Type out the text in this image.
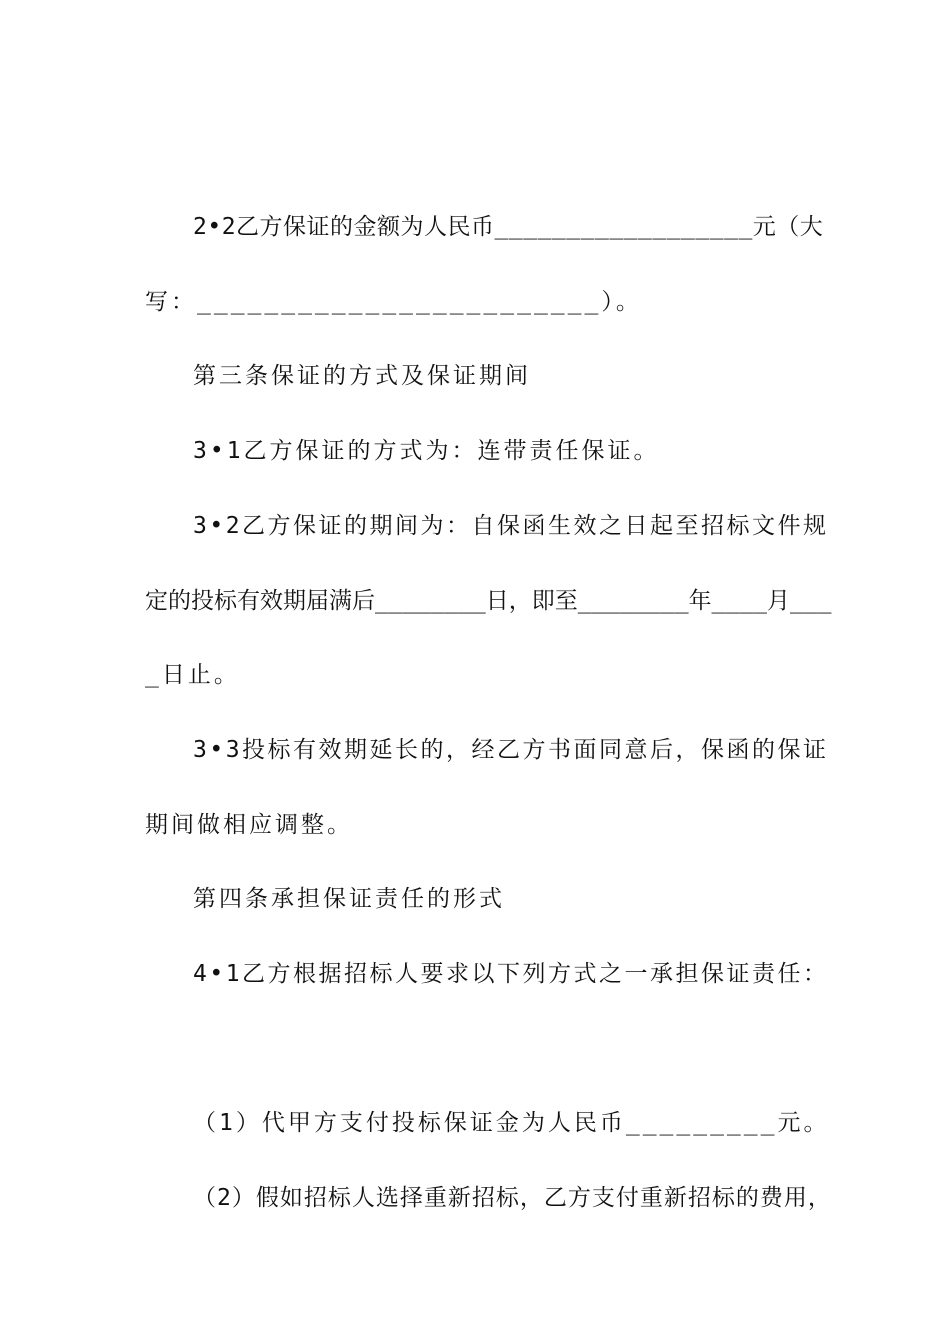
2•2乙方保证的金额为人民币__________________元（大
写：________________________）。
第三条保证的方式及保证期间
3•1乙方保证的方式为：连带责任保证。
3•2乙方保证的期间为：自保函生效之日起至招标文件规
定的投标有效期届满后________日，即至________年____月___
_日止。
3•3投标有效期延长的，经乙方书面同意后，保函的保证
期间做相应调整。
第四条承担保证责任的形式
4•1乙方根据招标人要求以下列方式之一承担保证责任：
（1）代甲方支付投标保证金为人民币_________元。
（2）假如招标人选择重新招标，乙方支付重新招标的费用，
